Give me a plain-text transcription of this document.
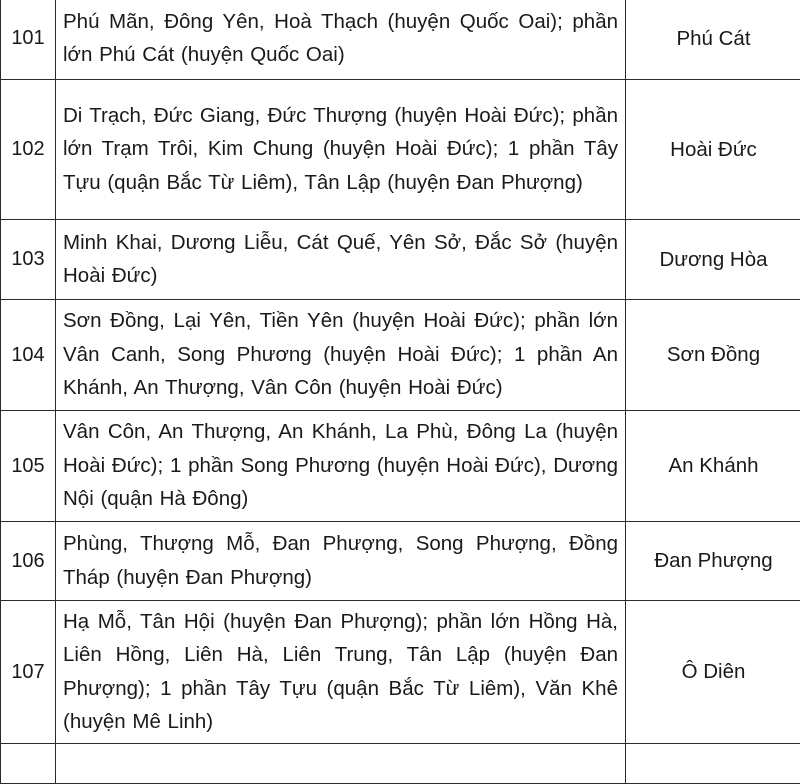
101	Phú Mãn, Đông Yên, Hoà Thạch (huyện Quốc Oai); phần lớn Phú Cát (huyện Quốc Oai)	Phú Cát
102	Di Trạch, Đức Giang, Đức Thượng (huyện Hoài Đức); phần lớn Trạm Trôi, Kim Chung (huyện Hoài Đức); 1 phần Tây Tựu (quận Bắc Từ Liêm), Tân Lập (huyện Đan Phượng)	Hoài Đức
103	Minh Khai, Dương Liễu, Cát Quế, Yên Sở, Đắc Sở (huyện Hoài Đức)	Dương Hòa
104	Sơn Đồng, Lại Yên, Tiền Yên (huyện Hoài Đức); phần lớn Vân Canh, Song Phương (huyện Hoài Đức); 1 phần An Khánh, An Thượng, Vân Côn (huyện Hoài Đức)	Sơn Đồng
105	Vân Côn, An Thượng, An Khánh, La Phù, Đông La (huyện Hoài Đức); 1 phần Song Phương (huyện Hoài Đức), Dương Nội (quận Hà Đông)	An Khánh
106	Phùng, Thượng Mỗ, Đan Phượng, Song Phượng, Đồng Tháp (huyện Đan Phượng)	Đan Phượng
107	Hạ Mỗ, Tân Hội (huyện Đan Phượng); phần lớn Hồng Hà, Liên Hồng, Liên Hà, Liên Trung, Tân Lập (huyện Đan Phượng); 1 phần Tây Tựu (quận Bắc Từ Liêm), Văn Khê (huyện Mê Linh)	Ô Diên
